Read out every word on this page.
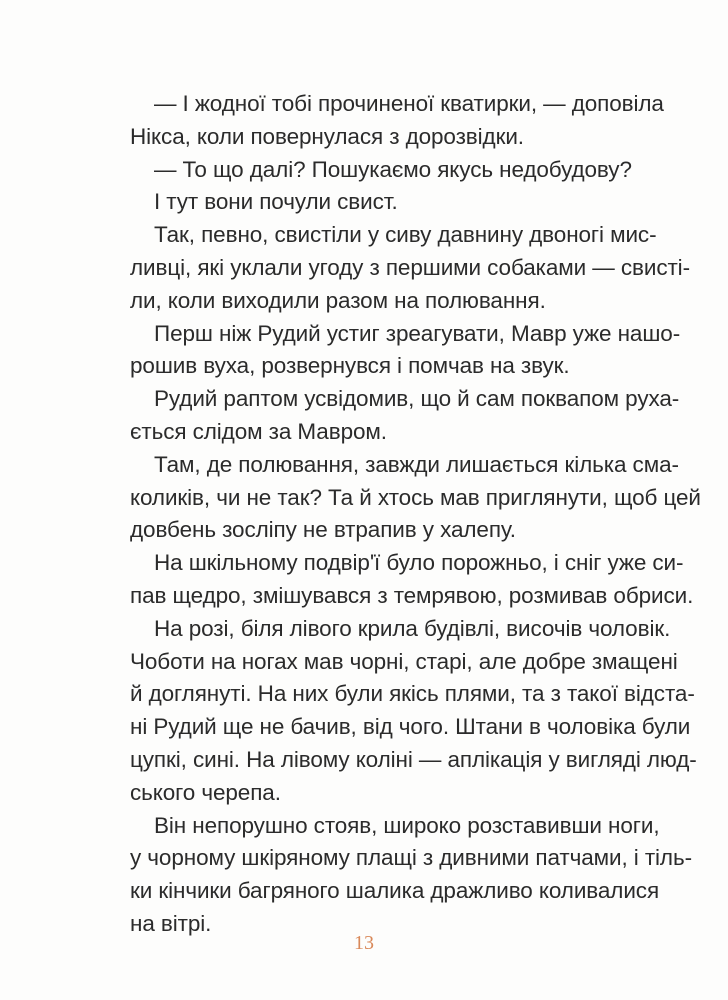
— І жодної тобі прочиненої кватирки, — доповіла
Нікса, коли повернулася з дорозвідки.
— То що далі? Пошукаємо якусь недобудову?
І тут вони почули свист.
Так, певно, свистіли у сиву давнину двоногі мис-
ливці, які уклали угоду з першими собаками — свисті-
ли, коли виходили разом на полювання.
Перш ніж Рудий устиг зреагувати, Мавр уже нашо-
рошив вуха, розвернувся і помчав на звук.
Рудий раптом усвідомив, що й сам поквапом руха-
ється слідом за Мавром.
Там, де полювання, завжди лишається кілька сма-
коликів, чи не так? Та й хтось мав приглянути, щоб цей
довбень зосліпу не втрапив у халепу.
На шкільному подвір'ї було порожньо, і сніг уже си-
пав щедро, змішувався з темрявою, розмивав обриси.
На розі, біля лівого крила будівлі, височів чоловік.
Чоботи на ногах мав чорні, старі, але добре змащені
й доглянуті. На них були якісь плями, та з такої відста-
ні Рудий ще не бачив, від чого. Штани в чоловіка були
цупкі, сині. На лівому коліні — аплікація у вигляді люд-
ського черепа.
Він непорушно стояв, широко розставивши ноги,
у чорному шкіряному плащі з дивними патчами, і тіль-
ки кінчики багряного шалика дражливо коливалися
на вітрі.
13
